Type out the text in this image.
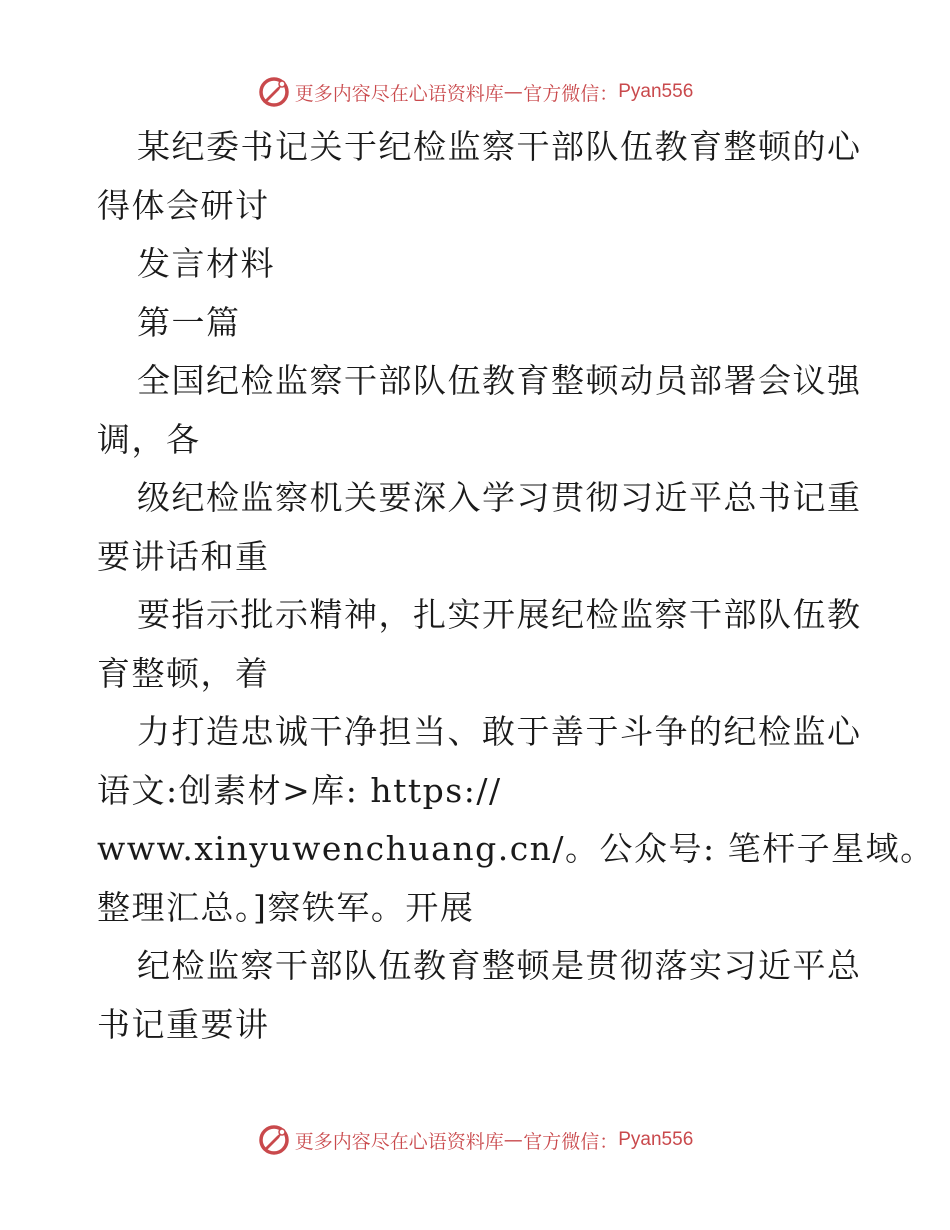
更多内容尽在心语资料库 — 官方微信： Pyan556
某纪委书记关于纪检监察干部队伍教育整顿的心
得体会研讨
发言材料
第一篇
全国纪检监察干部队伍教育整顿动员部署会议强
调，各
级纪检监察机关要深入学习贯彻习近平总书记重
要讲话和重
要指示批示精神，扎实开展纪检监察干部队伍教
育整顿，着
力打造忠诚干净担当、敢于善于斗争的纪检监心
语文:创素材>库: https://
www.xinyuwenchuang.cn/。公众号: 笔杆子星域。
整理汇总。]察铁军。开展
纪检监察干部队伍教育整顿是贯彻落实习近平总
书记重要讲
更多内容尽在心语资料库 — 官方微信： Pyan556
